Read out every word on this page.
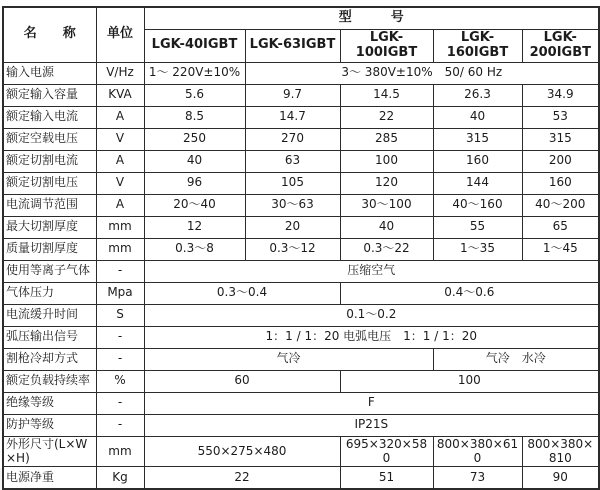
名　　称	单位	型　　　号				
		LGK-40IGBT	LGK-63IGBT	LGK-100IGBT	LGK-160IGBT	LGK-200IGBT
输入电源	V/Hz	1～ 220V±10%	3～ 380V±10%　50/ 60 Hz			
额定输入容量	KVA	5.6	9.7	14.5	26.3	34.9
额定输入电流	A	8.5	14.7	22	40	53
额定空载电压	V	250	270	285	315	315
额定切割电流	A	40	63	100	160	200
额定切割电压	V	96	105	120	144	160
电流调节范围	A	20～40	30～63	30～100	40～160	40～200
最大切割厚度	mm	12	20	40	55	65
质量切割厚度	mm	0.3～8	0.3～12	0.3～22	1～35	1～45
使用等离子气体	-	压缩空气				
气体压力	Mpa	0.3～0.4		0.4～0.6		
电流缓升时间	S	0.1～0.2				
弧压输出信号	-	1：1 / 1：20 电弧电压　1：1 / 1：20				
割枪冷却方式	-	气冷			气冷　水冷	
额定负载持续率	%	60		100		
绝缘等级	-	F				
防护等级	-	IP21S				
外形尺寸(L×W×H)	mm	550×275×480		695×320×580	800×380×610	800×380×810
电源净重	Kg	22		51	73	90
